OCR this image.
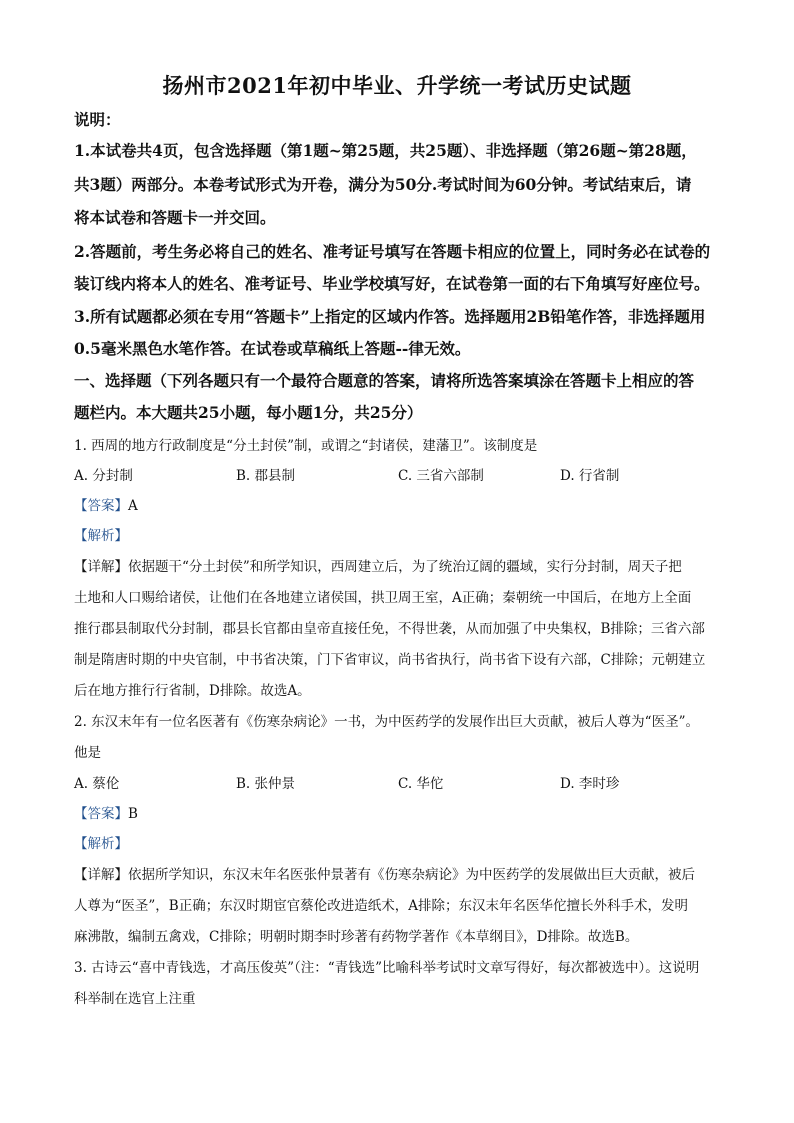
扬州市2021年初中毕业、升学统一考试历史试题
说明：
1.本试卷共4页，包含选择题（第1题~第25题，共25题）、非选择题（第26题~第28题，
共3题）两部分。本卷考试形式为开卷，满分为50分.考试时间为60分钟。考试结束后，请
将本试卷和答题卡一并交回。
2.答题前，考生务必将自己的姓名、准考证号填写在答题卡相应的位置上，同时务必在试卷的
装订线内将本人的姓名、准考证号、毕业学校填写好，在试卷第一面的右下角填写好座位号。
3.所有试题都必须在专用“答题卡”上指定的区域内作答。选择题用2B铅笔作答，非选择题用
0.5毫米黑色水笔作答。在试卷或草稿纸上答题--律无效。
一、选择题（下列各题只有一个最符合题意的答案，请将所选答案填涂在答题卡上相应的答
题栏内。本大题共25小题，每小题1分，共25分）
1. 西周的地方行政制度是“分土封侯”制，或谓之“封诸侯，建藩卫”。该制度是
A. 分封制	B. 郡县制	C. 三省六部制	D. 行省制
【答案】A
【解析】
【详解】依据题干“分土封侯”和所学知识，西周建立后，为了统治辽阔的疆域，实行分封制，周天子把
土地和人口赐给诸侯，让他们在各地建立诸侯国，拱卫周王室，A正确；秦朝统一中国后，在地方上全面
推行郡县制取代分封制，郡县长官都由皇帝直接任免，不得世袭，从而加强了中央集权，B排除；三省六部
制是隋唐时期的中央官制，中书省决策，门下省审议，尚书省执行，尚书省下设有六部，C排除；元朝建立
后在地方推行行省制，D排除。故选A。
2. 东汉末年有一位名医著有《伤寒杂病论》一书，为中医药学的发展作出巨大贡献，被后人尊为“医圣”。
他是
A. 蔡伦	B. 张仲景	C. 华佗	D. 李时珍
【答案】B
【解析】
【详解】依据所学知识，东汉末年名医张仲景著有《伤寒杂病论》为中医药学的发展做出巨大贡献，被后
人尊为“医圣”，B正确；东汉时期宦官蔡伦改进造纸术，A排除；东汉末年名医华佗擅长外科手术，发明
麻沸散，编制五禽戏，C排除；明朝时期李时珍著有药物学著作《本草纲目》，D排除。故选B。
3. 古诗云“喜中青钱选，才高压俊英”（注：“青钱选”比喻科举考试时文章写得好，每次都被选中）。这说明
科举制在选官上注重
